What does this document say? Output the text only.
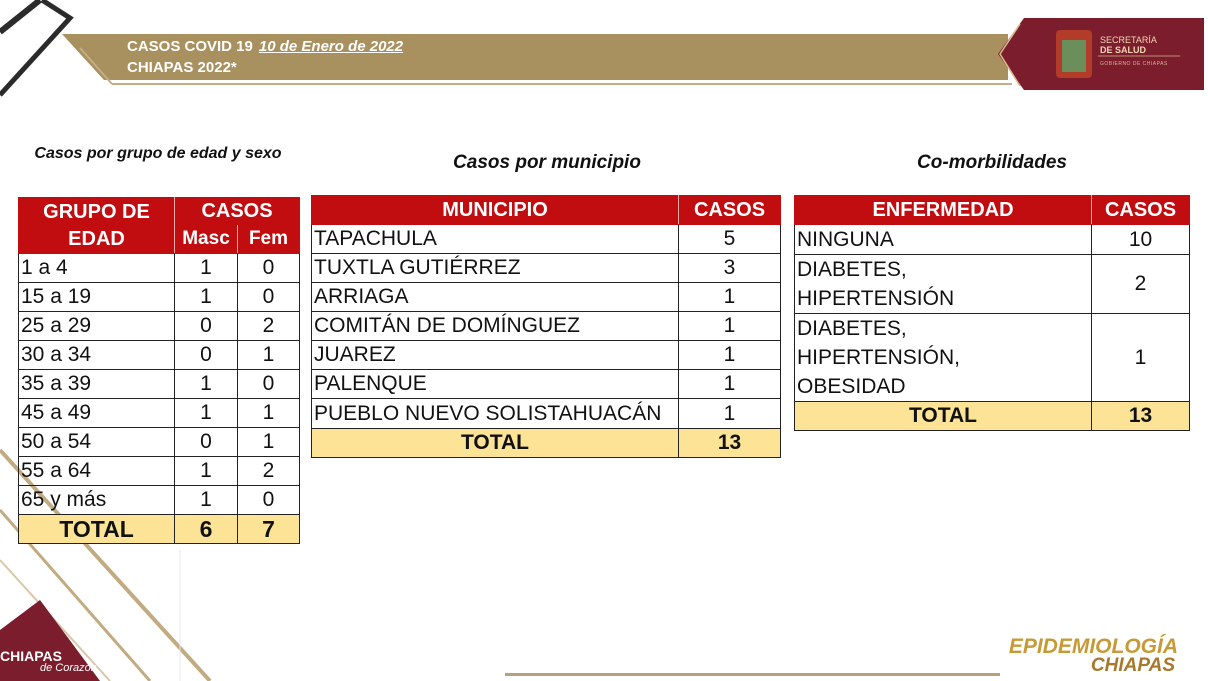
CASOS COVID 19 10 de Enero de 2022
CHIAPAS 2022*
SECRETARÍA
DE SALUD
GOBIERNO DE CHIAPAS
Casos por grupo de edad y sexo	Casos por municipio	Co-morbilidades
GRUPO DE EDAD	CASOS	
	Masc	Fem
1 a 4	1	0
15 a 19	1	0
25 a 29	0	2
30 a 34	0	1
35 a 39	1	0
45 a 49	1	1
50 a 54	0	1
55 a 64	1	2
65 y más	1	0
TOTAL	6	7
MUNICIPIO	CASOS
TAPACHULA	5
TUXTLA GUTIÉRREZ	3
ARRIAGA	1
COMITÁN DE DOMÍNGUEZ	1
JUAREZ	1
PALENQUE	1
PUEBLO NUEVO SOLISTAHUACÁN	1
TOTAL	13
ENFERMEDAD	CASOS
NINGUNA	10
DIABETES, HIPERTENSIÓN	2
DIABETES, HIPERTENSIÓN, OBESIDAD	1
TOTAL	13
EPIDEMIOLOGÍA
CHIAPAS
CHIAPAS
de Corazón
